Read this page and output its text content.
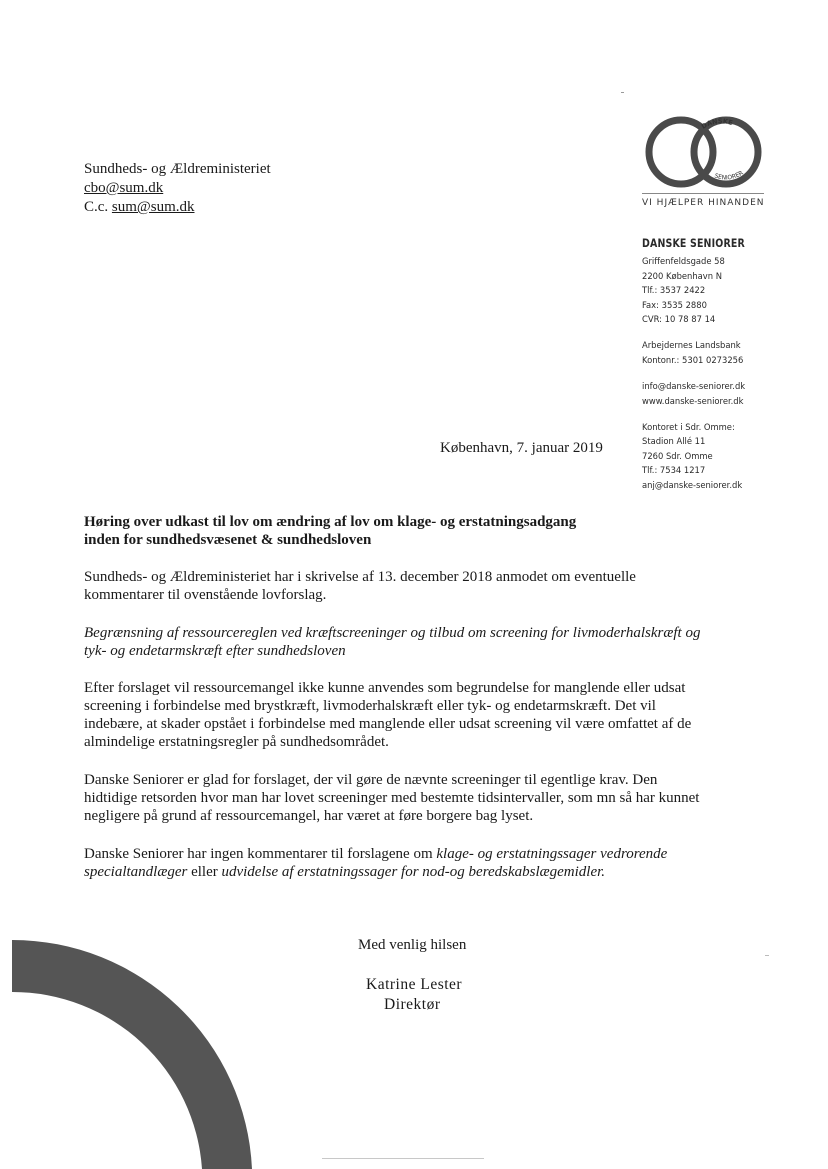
Sundheds- og Ældreministeriet
cbo@sum.dk
C.c. sum@sum.dk
DANSKE
SENIORER
VI HJÆLPER HINANDEN
DANSKE SENIORER
Griffenfeldsgade 58
2200 København N
Tlf.: 3537 2422
Fax: 3535 2880
CVR: 10 78 87 14
Arbejdernes Landsbank
Kontonr.: 5301 0273256
info@danske-seniorer.dk
www.danske-seniorer.dk
Kontoret i Sdr. Omme:
Stadion Allé 11
7260 Sdr. Omme
Tlf.: 7534 1217
anj@danske-seniorer.dk
København, 7. januar 2019
Høring over udkast til lov om ændring af lov om klage- og erstatningsadgang
inden for sundhedsvæsenet & sundhedsloven
Sundheds- og Ældreministeriet har i skrivelse af 13. december 2018 anmodet om eventuelle
kommentarer til ovenstående lovforslag.
Begrænsning af ressourcereglen ved kræftscreeninger og tilbud om screening for livmoderhalskræft og
tyk- og endetarmskræft efter sundhedsloven
Efter forslaget vil ressourcemangel ikke kunne anvendes som begrundelse for manglende eller udsat
screening i forbindelse med brystkræft, livmoderhalskræft eller tyk- og endetarmskræft. Det vil
indebære, at skader opstået i forbindelse med manglende eller udsat screening vil være omfattet af de
almindelige erstatningsregler på sundhedsområdet.
Danske Seniorer er glad for forslaget, der vil gøre de nævnte screeninger til egentlige krav. Den
hidtidige retsorden hvor man har lovet screeninger med bestemte tidsintervaller, som mn så har kunnet
negligere på grund af ressourcemangel, har været at føre borgere bag lyset.
Danske Seniorer har ingen kommentarer til forslagene om klage- og erstatningssager vedrorende
specialtandlæger eller udvidelse af erstatningssager for nod-og beredskabslægemidler.
Med venlig hilsen
Katrine Lester
Direktør
